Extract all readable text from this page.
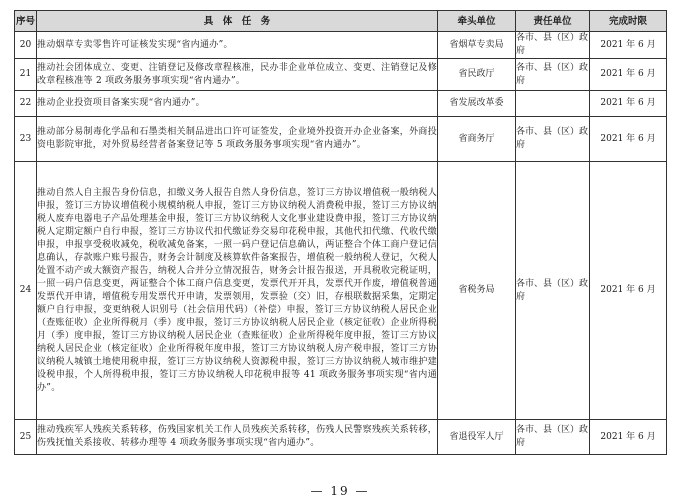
序号	具　体　任　务	牵头单位	责任单位	完成时限
20	推动烟草专卖零售许可证核发实现“省内通办”。	省烟草专卖局	各市、县（区）政府	2021 年 6 月
21	推动社会团体成立、变更、注销登记及修改章程核准，民办非企业单位成立、变更、注销登记及修改章程核准等 2 项政务服务事项实现“省内通办”。	省民政厅	各市、县（区）政府	2021 年 6 月
22	推动企业投资项目备案实现“省内通办”。	省发展改革委		2021 年 6 月
23	推动部分易制毒化学品和石墨类相关制品进出口许可证签发，企业境外投资开办企业备案，外商投资电影院审批，对外贸易经营者备案登记等 5 项政务服务事项实现“省内通办”。	省商务厅	各市、县（区）政府	2021 年 6 月
24	推动自然人自主报告身份信息，扣缴义务人报告自然人身份信息，签订三方协议增值税一般纳税人申报，签订三方协议增值税小规模纳税人申报，签订三方协议纳税人消费税申报，签订三方协议纳税人废弃电器电子产品处理基金申报，签订三方协议纳税人文化事业建设费申报，签订三方协议纳税人定期定额户自行申报，签订三方协议代扣代缴证券交易印花税申报，其他代扣代缴、代收代缴申报，申报享受税收减免，税收减免备案，一照一码户登记信息确认，两证整合个体工商户登记信息确认，存款账户账号报告，财务会计制度及核算软件备案报告，增值税一般纳税人登记，欠税人处置不动产或大额资产报告，纳税人合并分立情况报告，财务会计报告报送，开具税收完税证明，一照一码户信息变更，两证整合个体工商户信息变更，发票代开开具，发票代开作废，增值税普通发票代开申请，增值税专用发票代开申请，发票领用，发票验（交）旧，存根联数据采集，定期定额户自行申报，变更纳税人识别号（社会信用代码）（补偿）申报，签订三方协议纳税人居民企业（查账征收）企业所得税月（季）度申报，签订三方协议纳税人居民企业（核定征收）企业所得税月（季）度申报，签订三方协议纳税人居民企业（查账征收）企业所得税年度申报，签订三方协议纳税人居民企业（核定征收）企业所得税年度申报，签订三方协议纳税人房产税申报，签订三方协议纳税人城镇土地使用税申报，签订三方协议纳税人资源税申报，签订三方协议纳税人城市维护建设税申报，个人所得税申报，签订三方协议纳税人印花税申报等 41 项政务服务事项实现“省内通办”。	省税务局	各市、县（区）政府	2021 年 6 月
25	推动残疾军人残疾关系转移，伤残国家机关工作人员残疾关系转移，伤残人民警察残疾关系转移，伤残抚恤关系接收、转移办理等 4 项政务服务事项实现“省内通办”。	省退役军人厅	各市、县（区）政府	2021 年 6 月
— 19 —
